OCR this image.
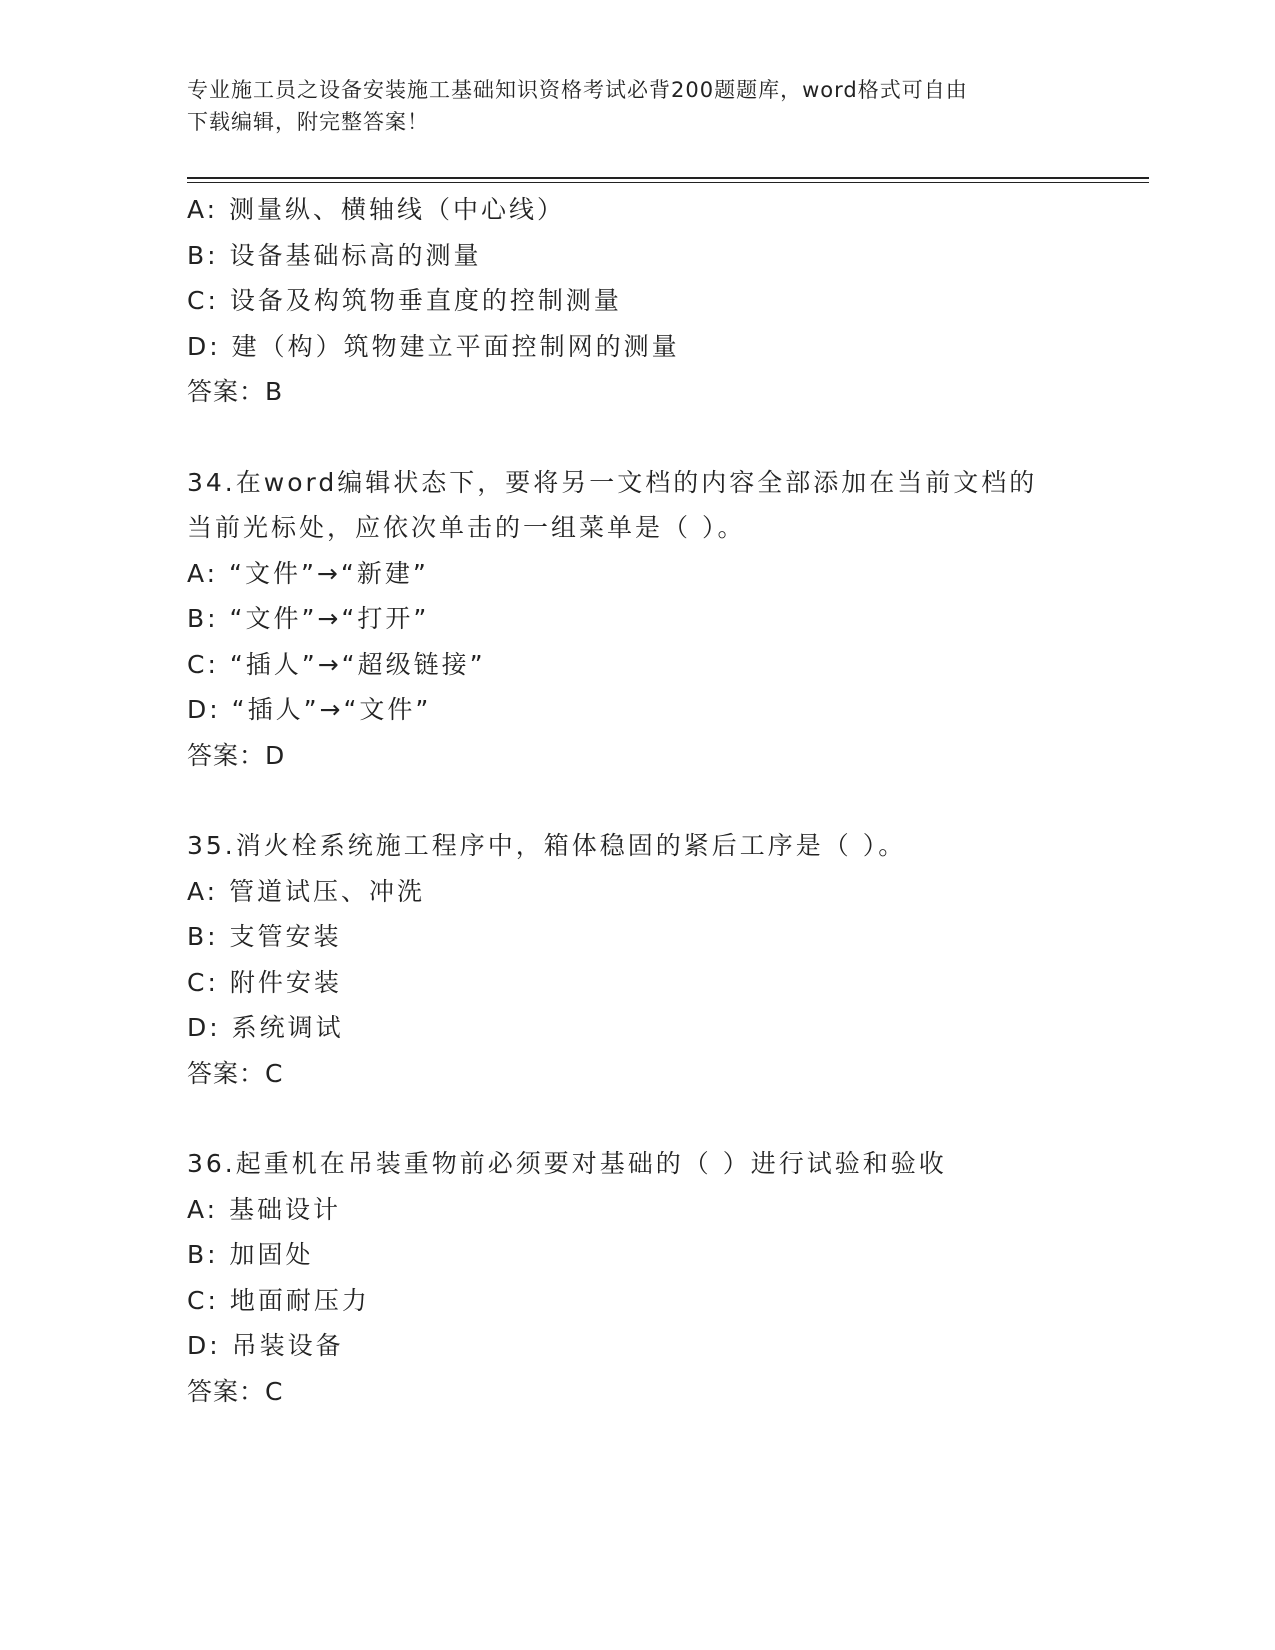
专业施工员之设备安装施工基础知识资格考试必背200题题库，word格式可自由
下载编辑，附完整答案！
A: 测量纵、横轴线（中心线）
B: 设备基础标高的测量
C: 设备及构筑物垂直度的控制测量
D: 建（构）筑物建立平面控制网的测量
答案：B
34.在word编辑状态下，要将另一文档的内容全部添加在当前文档的
当前光标处，应依次单击的一组菜单是（ ）。
A: “文件”→“新建”
B: “文件”→“打开”
C: “插人”→“超级链接”
D: “插人”→“文件”
答案：D
35.消火栓系统施工程序中，箱体稳固的紧后工序是（ ）。
A: 管道试压、冲洗
B: 支管安装
C: 附件安装
D: 系统调试
答案：C
36.起重机在吊装重物前必须要对基础的（ ）进行试验和验收
A: 基础设计
B: 加固处
C: 地面耐压力
D: 吊装设备
答案：C
